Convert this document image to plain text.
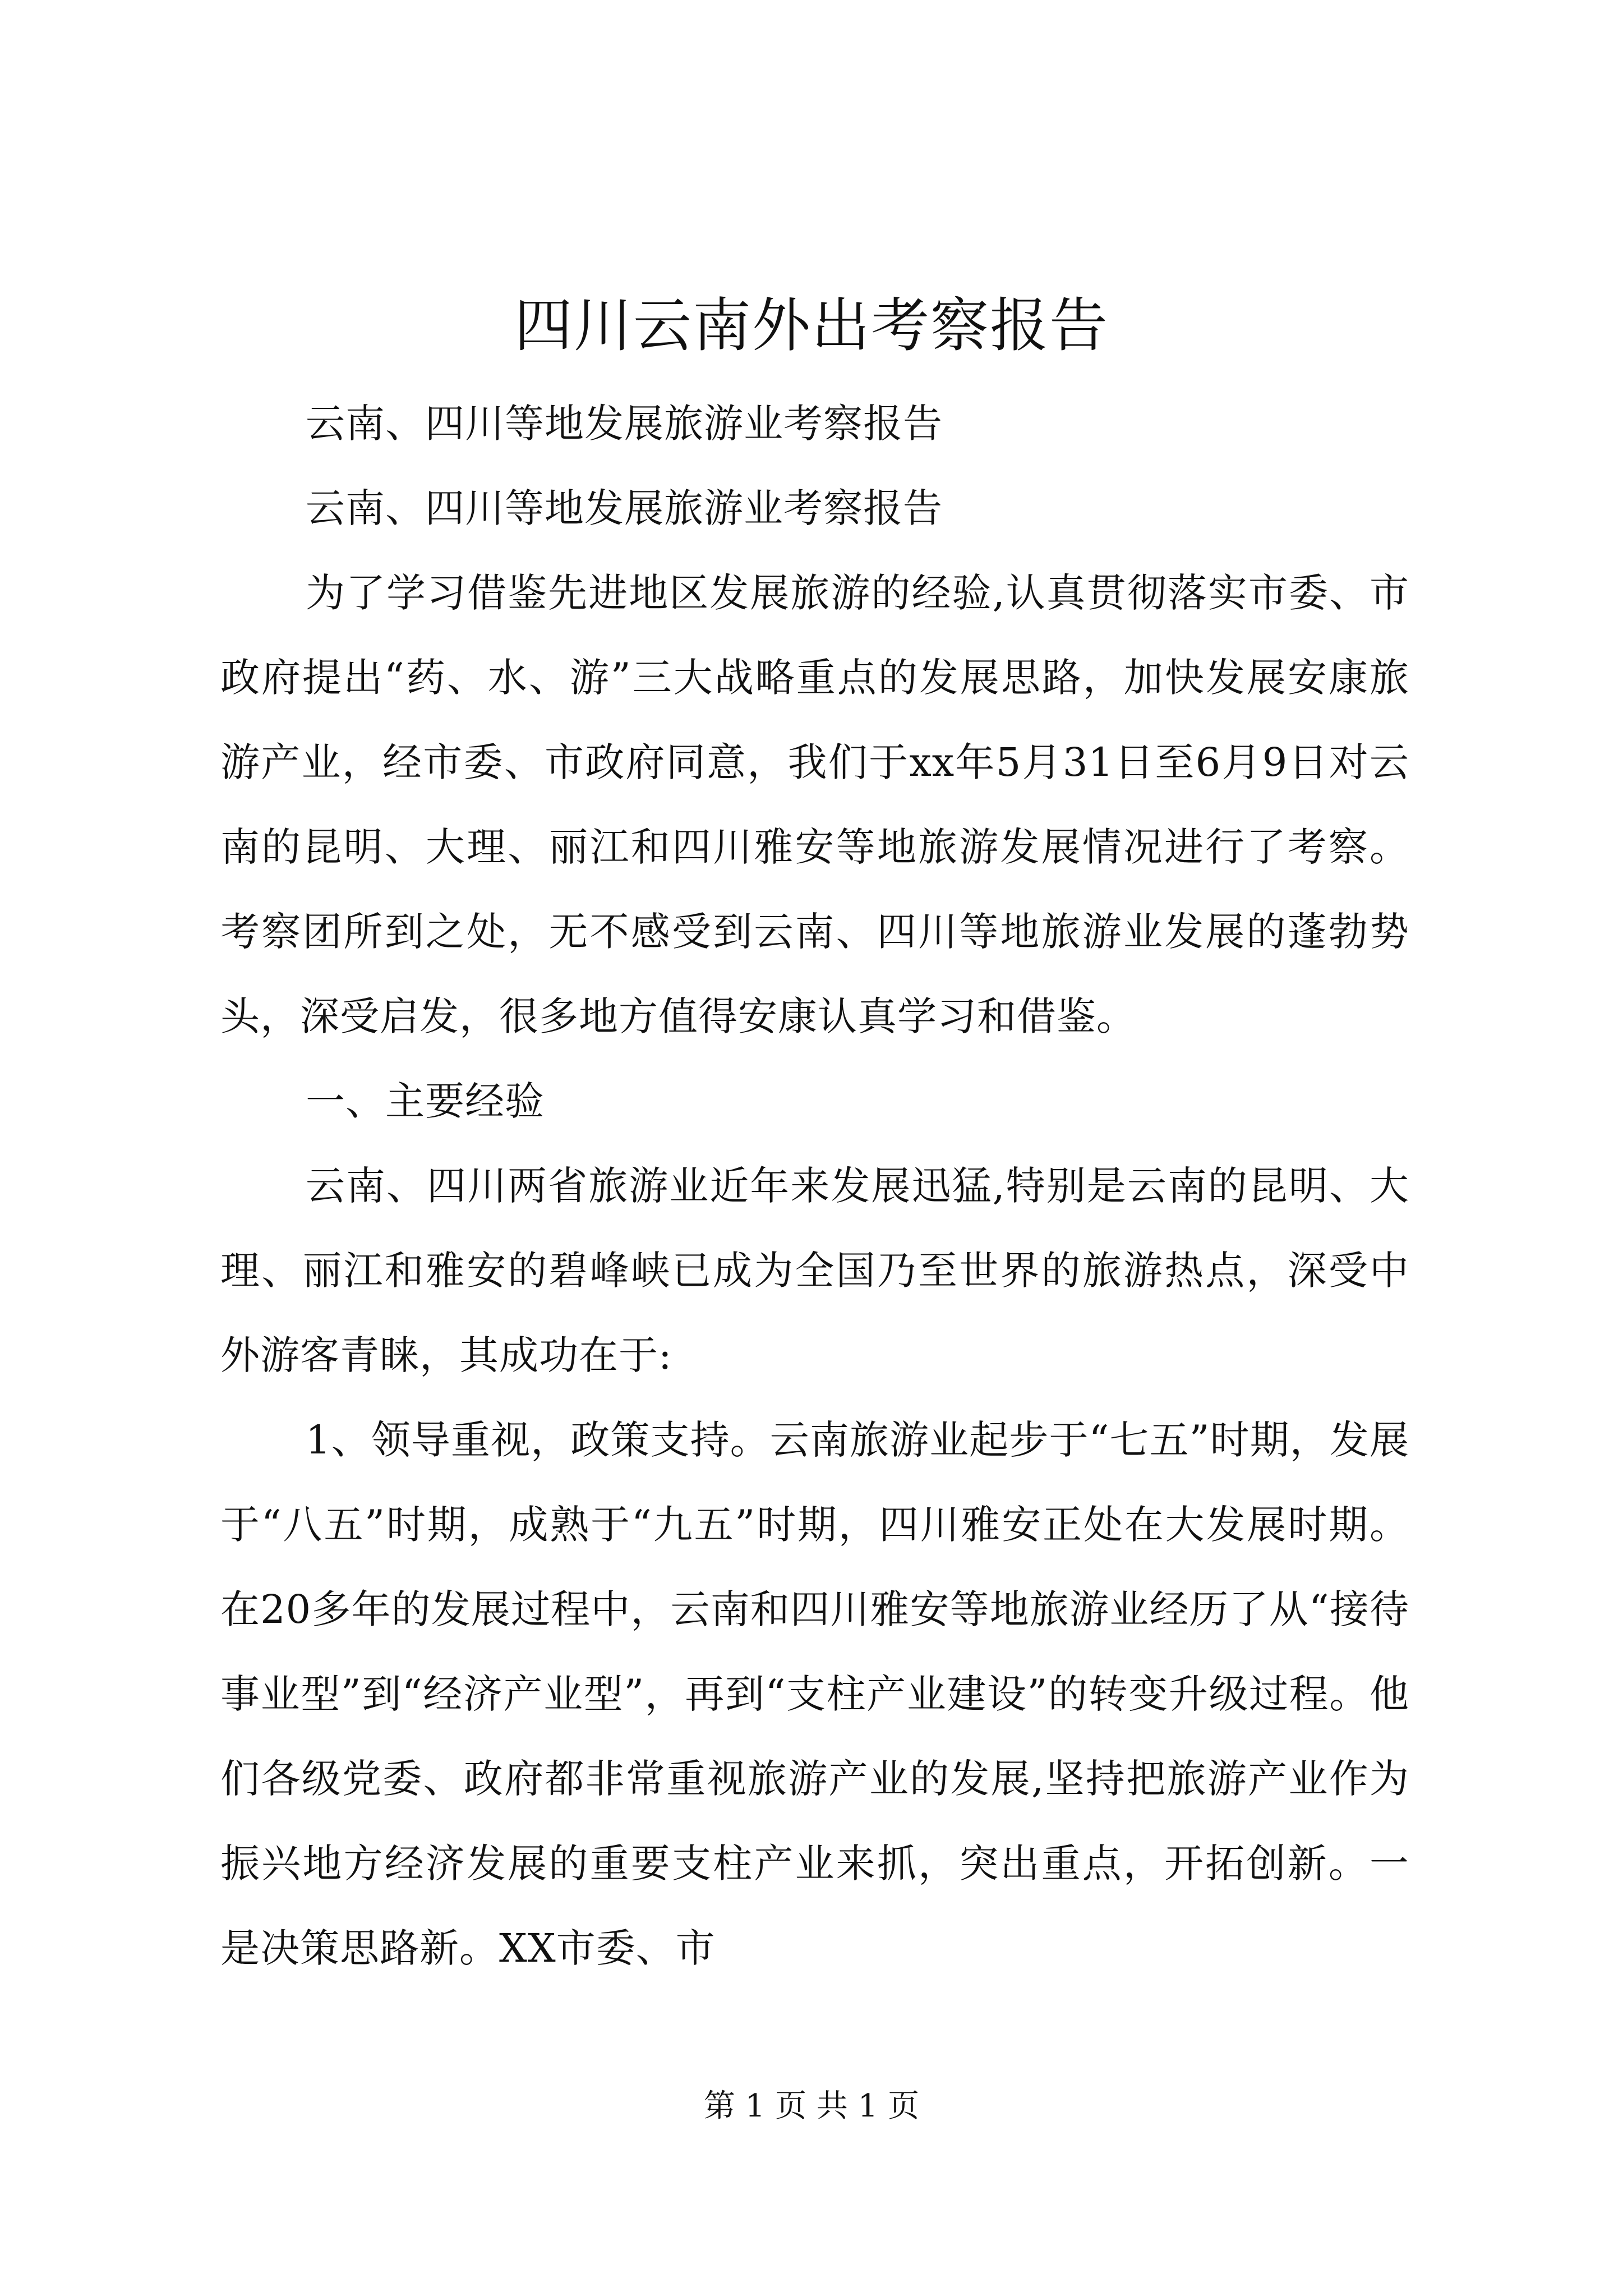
四川云南外出考察报告

云南、四川等地发展旅游业考察报告

云南、四川等地发展旅游业考察报告

为了学习借鉴先进地区发展旅游的经验,认真贯彻落实市委、市政府提出“药、水、游”三大战略重点的发展思路，加快发展安康旅游产业，经市委、市政府同意，我们于xx年5月31日至6月9日对云南的昆明、大理、丽江和四川雅安等地旅游发展情况进行了考察。考察团所到之处，无不感受到云南、四川等地旅游业发展的蓬勃势头，深受启发，很多地方值得安康认真学习和借鉴。

一、主要经验

云南、四川两省旅游业近年来发展迅猛,特别是云南的昆明、大理、丽江和雅安的碧峰峡已成为全国乃至世界的旅游热点，深受中外游客青睐，其成功在于:

1、领导重视，政策支持。云南旅游业起步于“七五”时期，发展于“八五”时期，成熟于“九五”时期，四川雅安正处在大发展时期。在20多年的发展过程中，云南和四川雅安等地旅游业经历了从“接待事业型”到“经济产业型”，再到“支柱产业建设”的转变升级过程。他们各级党委、政府都非常重视旅游产业的发展,坚持把旅游产业作为振兴地方经济发展的重要支柱产业来抓，突出重点，开拓创新。一是决策思路新。XX市委、市

第 1 页 共 1 页
